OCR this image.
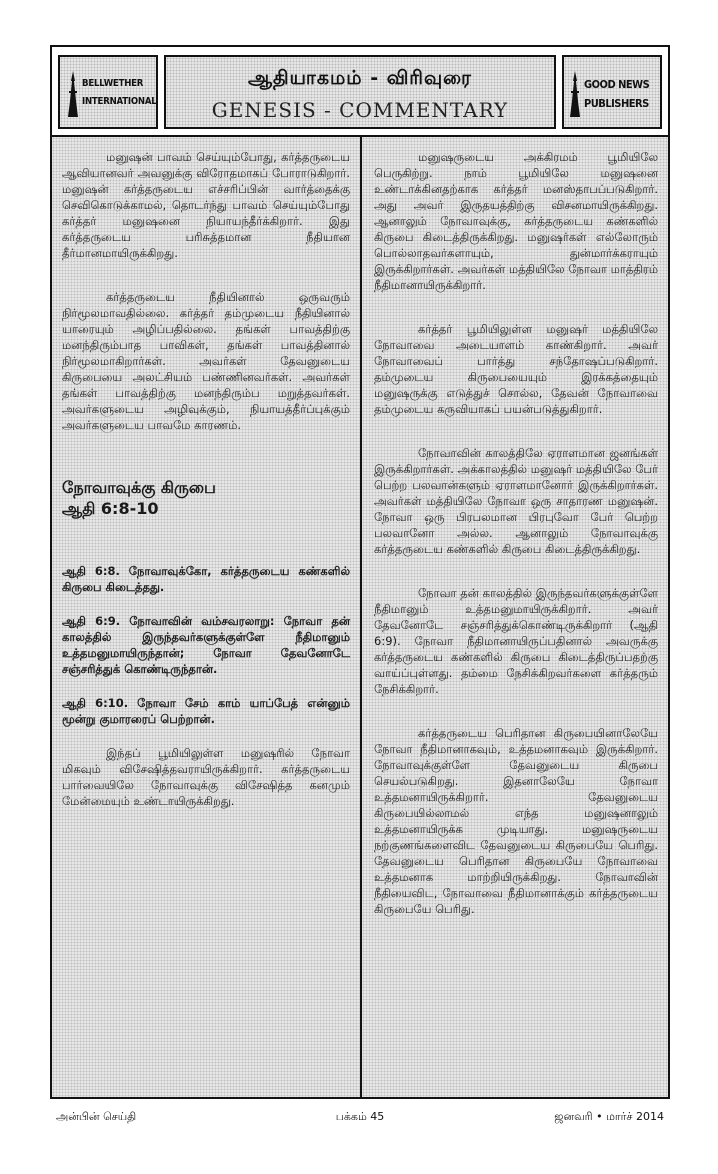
BELLWETHER
INTERNATIONAL
ஆதியாகமம் - விரிவுரை
GENESIS - COMMENTARY
GOOD NEWS
PUBLISHERS

மனுஷன் பாவம் செய்யும்போது, கர்த்தருடைய ஆவியானவர் அவனுக்கு விரோதமாகப் போராடுகிறார். மனுஷன் கர்த்தருடைய எச்சரிப்பின் வார்த்தைக்கு செவிகொடுக்காமல், தொடர்ந்து பாவம் செய்யும்போது கர்த்தர் மனுஷனை நியாயந்தீர்க்கிறார். இது கர்த்தருடைய பரிசுத்தமான நீதியான தீர்மானமாயிருக்கிறது.

கர்த்தருடைய நீதியினால் ஒருவரும் நிர்மூலமாவதில்லை. கர்த்தர் தம்முடைய நீதியினால் யாரையும் அழிப்பதில்லை. தங்கள் பாவத்திற்கு மனந்திரும்பாத பாவிகள், தங்கள் பாவத்தினால் நிர்மூலமாகிறார்கள். அவர்கள் தேவனுடைய கிருபையை அலட்சியம் பண்ணினவர்கள். அவர்கள் தங்கள் பாவத்திற்கு மனந்திரும்ப மறுத்தவர்கள். அவர்களுடைய அழிவுக்கும், நியாயத்தீர்ப்புக்கும் அவர்களுடைய பாவமே காரணம்.

நோவாவுக்கு கிருபை

ஆதி 6:8-10

ஆதி 6:8. நோவாவுக்கோ, கர்த்தருடைய கண்களில் கிருபை கிடைத்தது.

ஆதி 6:9. நோவாவின் வம்சவரலாறு: நோவா தன் காலத்தில் இருந்தவர்களுக்குள்ளே நீதிமானும் உத்தமனுமாயிருந்தான்; நோவா தேவனோடே சஞ்சரித்துக் கொண்டிருந்தான்.

ஆதி 6:10. நோவா சேம் காம் யாப்பேத் என்னும் மூன்று குமாரரைப் பெற்றான்.

இந்தப் பூமியிலுள்ள மனுஷரில் நோவா மிகவும் விசேஷித்தவராயிருக்கிறார். கர்த்தருடைய பார்வையிலே நோவாவுக்கு விசேஷித்த கனமும் மேன்மையும் உண்டாயிருக்கிறது.

மனுஷருடைய அக்கிரமம் பூமியிலே பெருகிற்று. நாம் பூமியிலே மனுஷனை உண்டாக்கினதற்காக கர்த்தர் மனஸ்தாபப்படுகிறார். அது அவர் இருதயத்திற்கு விசனமாயிருக்கிறது. ஆனாலும் நோவாவுக்கு, கர்த்தருடைய கண்களில் கிருபை கிடைத்திருக்கிறது. மனுஷர்கள் எல்லோரும் பொல்லாதவர்களாயும், துன்மார்க்கராயும் இருக்கிறார்கள். அவர்கள் மத்தியிலே நோவா மாத்திரம் நீதிமானாயிருக்கிறார்.

கர்த்தர் பூமியிலுள்ள மனுஷர் மத்தியிலே நோவாவை அடையாளம் காண்கிறார். அவர் நோவாவைப் பார்த்து சந்தோஷப்படுகிறார். தம்முடைய கிருபையையும் இரக்கத்தையும் மனுஷருக்கு எடுத்துச் சொல்ல, தேவன் நோவாவை தம்முடைய கருவியாகப் பயன்படுத்துகிறார்.

நோவாவின் காலத்திலே ஏராளமான ஜனங்கள் இருக்கிறார்கள். அக்காலத்தில் மனுஷர் மத்தியிலே பேர் பெற்ற பலவான்களும் ஏராளமானோர் இருக்கிறார்கள். அவர்கள் மத்தியிலே நோவா ஒரு சாதாரண மனுஷன். நோவா ஒரு பிரபலமான பிரபுவோ பேர் பெற்ற பலவானோ அல்ல. ஆனாலும் நோவாவுக்கு கர்த்தருடைய கண்களில் கிருபை கிடைத்திருக்கிறது.

நோவா தன் காலத்தில் இருந்தவர்களுக்குள்ளே நீதிமானும் உத்தமனுமாயிருக்கிறார். அவர் தேவனோடே சஞ்சரித்துக்கொண்டிருக்கிறார் (ஆதி 6:9). நோவா நீதிமானாயிருப்பதினால் அவருக்கு கர்த்தருடைய கண்களில் கிருபை கிடைத்திருப்பதற்கு வாய்ப்புள்ளது. தம்மை நேசிக்கிறவர்களை கர்த்தரும் நேசிக்கிறார்.

கர்த்தருடைய பெரிதான கிருபையினாலேயே நோவா நீதிமானாகவும், உத்தமனாகவும் இருக்கிறார். நோவாவுக்குள்ளே தேவனுடைய கிருபை செயல்படுகிறது. இதனாலேயே நோவா உத்தமனாயிருக்கிறார். தேவனுடைய கிருபையில்லாமல் எந்த மனுஷனாலும் உத்தமனாயிருக்க முடியாது. மனுஷருடைய நற்குணங்களைவிட தேவனுடைய கிருபையே பெரிது. தேவனுடைய பெரிதான கிருபையே நோவாவை உத்தமனாக மாற்றியிருக்கிறது. நோவாவின் நீதியைவிட, நோவாவை நீதிமானாக்கும் கர்த்தருடைய கிருபையே பெரிது.

அன்பின் செய்தி	பக்கம் 45	ஜனவரி • மார்ச் 2014
